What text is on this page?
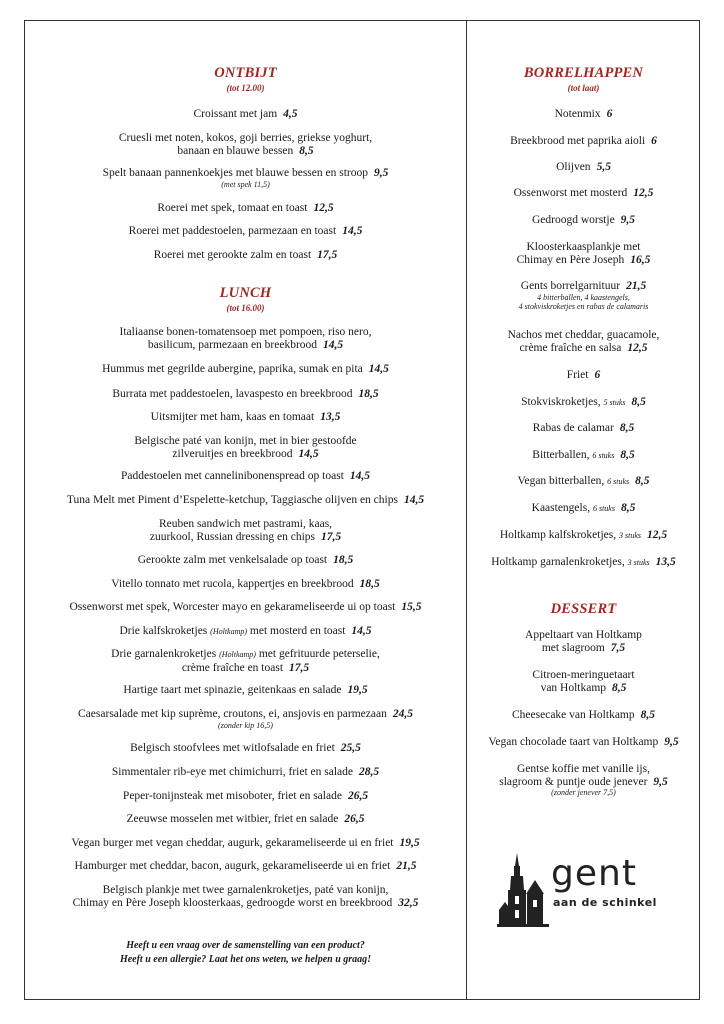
ONTBIJT
(tot 12.00)
Croissant met jam 4,5
Cruesli met noten, kokos, goji berries, griekse yoghurt,
banaan en blauwe bessen 8,5
Spelt banaan pannenkoekjes met blauwe bessen en stroop 9,5
(met spek 11,5)
Roerei met spek, tomaat en toast 12,5
Roerei met paddestoelen, parmezaan en toast 14,5
Roerei met gerookte zalm en toast 17,5
LUNCH
(tot 16.00)
Italiaanse bonen-tomatensoep met pompoen, riso nero,
basilicum, parmezaan en breekbrood 14,5
Hummus met gegrilde aubergine, paprika, sumak en pita 14,5
Burrata met paddestoelen, lavaspesto en breekbrood 18,5
Uitsmijter met ham, kaas en tomaat 13,5
Belgische paté van konijn, met in bier gestoofde
zilveruitjes en breekbrood 14,5
Paddestoelen met cannelinibonenspread op toast 14,5
Tuna Melt met Piment d’Espelette-ketchup, Taggiasche olijven en chips 14,5
Reuben sandwich met pastrami, kaas,
zuurkool, Russian dressing en chips 17,5
Gerookte zalm met venkelsalade op toast 18,5
Vitello tonnato met rucola, kappertjes en breekbrood 18,5
Ossenworst met spek, Worcester mayo en gekarameliseerde ui op toast 15,5
Drie kalfskroketjes (Holtkamp) met mosterd en toast 14,5
Drie garnalenkroketjes (Holtkamp) met gefrituurde peterselie,
crème fraîche en toast 17,5
Hartige taart met spinazie, geitenkaas en salade 19,5
Caesarsalade met kip suprème, croutons, ei, ansjovis en parmezaan 24,5
(zonder kip 16,5)
Belgisch stoofvlees met witlofsalade en friet 25,5
Simmentaler rib-eye met chimichurri, friet en salade 28,5
Peper-tonijnsteak met misoboter, friet en salade 26,5
Zeeuwse mosselen met witbier, friet en salade 26,5
Vegan burger met vegan cheddar, augurk, gekarameliseerde ui en friet 19,5
Hamburger met cheddar, bacon, augurk, gekarameliseerde ui en friet 21,5
Belgisch plankje met twee garnalenkroketjes, paté van konijn,
Chimay en Père Joseph kloosterkaas, gedroogde worst en breekbrood 32,5
Heeft u een vraag over de samenstelling van een product?
Heeft u een allergie? Laat het ons weten, we helpen u graag!
BORRELHAPPEN
(tot laat)
Notenmix 6
Breekbrood met paprika aioli 6
Olijven 5,5
Ossenworst met mosterd 12,5
Gedroogd worstje 9,5
Kloosterkaasplankje met
Chimay en Père Joseph 16,5
Gents borrelgarnituur 21,5
4 bitterballen, 4 kaastengels,
4 stokviskroketjes en rabas de calamaris
Nachos met cheddar, guacamole,
crème fraîche en salsa 12,5
Friet 6
Stokviskroketjes, 5 stuks 8,5
Rabas de calamar 8,5
Bitterballen, 6 stuks 8,5
Vegan bitterballen, 6 stuks 8,5
Kaastengels, 6 stuks 8,5
Holtkamp kalfskroketjes, 3 stuks 12,5
Holtkamp garnalenkroketjes, 3 stuks 13,5
DESSERT
Appeltaart van Holtkamp
met slagroom 7,5
Citroen-meringuetaart
van Holtkamp 8,5
Cheesecake van Holtkamp 8,5
Vegan chocolade taart van Holtkamp 9,5
Gentse koffie met vanille ijs,
slagroom & puntje oude jenever 9,5
(zonder jenever 7,5)
gent
aan de schinkel
